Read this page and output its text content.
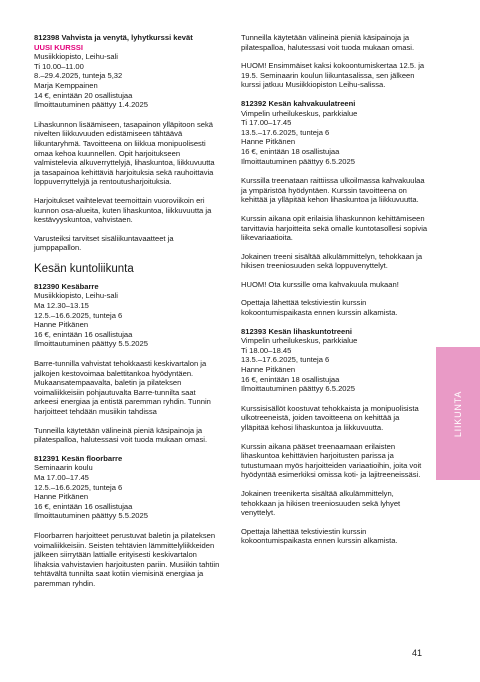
812398 Vahvista ja venytä, lyhytkurssi kevät
UUSI KURSSI
Musiikkiopisto, Leihu-sali
Ti 10.00–11.00
8.–29.4.2025, tunteja 5,32
Marja Kemppainen
14 €, enintään 20 osallistujaa
Ilmoittautuminen päättyy 1.4.2025

Lihaskunnon lisäämiseen, tasapainon ylläpitoon sekä nivelten liikkuvuuden edistämiseen tähtäävä liikuntaryhmä. Tavoitteena on liikkua monipuolisesti omaa kehoa kuunnellen. Opit harjoitukseen valmistelevia alkuverryttelyjä, lihaskuntoa, liikkuvuutta ja tasapainoa kehittäviä harjoituksia sekä rauhoittavia loppuverryttelyjä ja rentoutusharjoituksia.

Harjoitukset vaihtelevat teemoittain vuoroviikoin eri kunnon osa-alueita, kuten lihaskuntoa, liikkuvuutta ja kestävyyskuntoa, vahvistaen.

Varusteiksi tarvitset sisäliikuntavaatteet ja jumppapallon.

Kesän kuntoliikunta
812390 Kesäbarre
Musiikkiopisto, Leihu-sali
Ma 12.30–13.15
12.5.–16.6.2025, tunteja 6
Hanne Pitkänen
16 €, enintään 16 osallistujaa
Ilmoittautuminen päättyy 5.5.2025

Barre-tunnilla vahvistat tehokkaasti keskivartalon ja jalkojen kestovoimaa balettitankoa hyödyntäen. Mukaansatempaavalta, baletin ja pilateksen voimaliikkeisiin pohjautuvalta Barre-tunnilta saat arkeesi energiaa ja entistä paremman ryhdin. Tunnin harjoitteet tehdään musiikin tahdissa

Tunneilla käytetään välineinä pieniä käsipainoja ja pilatespalloa, halutessasi voit tuoda mukaan omasi.

812391 Kesän floorbarre
Seminaarin koulu
Ma 17.00–17.45
12.5.–16.6.2025, tunteja 6
Hanne Pitkänen
16 €, enintään 16 osallistujaa
Ilmoittautuminen päättyy 5.5.2025

Floorbarren harjoitteet perustuvat baletin ja pilateksen voimaliikkeisiin. Seisten tehtävien lämmittelyliikkeiden jälkeen siirrytään lattialle erityisesti keskivartalon lihaksia vahvistavien harjoitusten pariin. Musiikin tahtiin tehtävältä tunnilta saat kotiin viemisinä energiaa ja paremman ryhdin.

Tunneilla käytetään välineinä pieniä käsipainoja ja pilatespalloa, halutessasi voit tuoda mukaan omasi.

HUOM! Ensimmäiset kaksi kokoontumiskertaa 12.5. ja 19.5. Seminaarin koulun liikuntasalissa, sen jälkeen kurssi jatkuu Musiikkiopiston Leihu-salissa.

812392 Kesän kahvakuulatreeni
Vimpelin urheilukeskus, parkkialue
Ti 17.00–17.45
13.5.–17.6.2025, tunteja 6
Hanne Pitkänen
16 €, enintään 18 osallistujaa
Ilmoittautuminen päättyy 6.5.2025

Kurssilla treenataan raittiissa ulkoilmassa kahvakuulaa ja ympäristöä hyödyntäen. Kurssin tavoitteena on kehittää ja ylläpitää kehon lihaskuntoa ja liikkuvuutta.

Kurssin aikana opit erilaisia lihaskunnon kehittämiseen tarvittavia harjoitteita sekä omalle kuntotasollesi sopivia liikevariaatioita.

Jokainen treeni sisältää alkulämmittelyn, tehokkaan ja hikisen treeniosuuden sekä loppuvenyttelyt.

HUOM! Ota kurssille oma kahvakuula mukaan!

Opettaja lähettää tekstiviestin kurssin kokoontumispaikasta ennen kurssin alkamista.

812393 Kesän lihaskuntotreeni
Vimpelin urheilukeskus, parkkialue
Ti 18.00–18.45
13.5.–17.6.2025, tunteja 6
Hanne Pitkänen
16 €, enintään 18 osallistujaa
Ilmoittautuminen päättyy 6.5.2025

Kurssisisällöt koostuvat tehokkaista ja monipuolisista ulkotreeneistä, joiden tavoitteena on kehittää ja ylläpitää kehosi lihaskuntoa ja liikkuvuutta.

Kurssin aikana pääset treenaamaan erilaisten lihaskuntoa kehittävien harjoitusten parissa ja tutustumaan myös harjoitteiden variaatioihin, joita voit hyödyntää esimerkiksi omissa koti- ja lajitreeneissäsi.

Jokainen treenikerta sisältää alkulämmittelyn, tehokkaan ja hikisen treeniosuuden sekä lyhyet venyttelyt.

Opettaja lähettää tekstiviestin kurssin kokoontumispaikasta ennen kurssin alkamista.

LIIKUNTA
41
